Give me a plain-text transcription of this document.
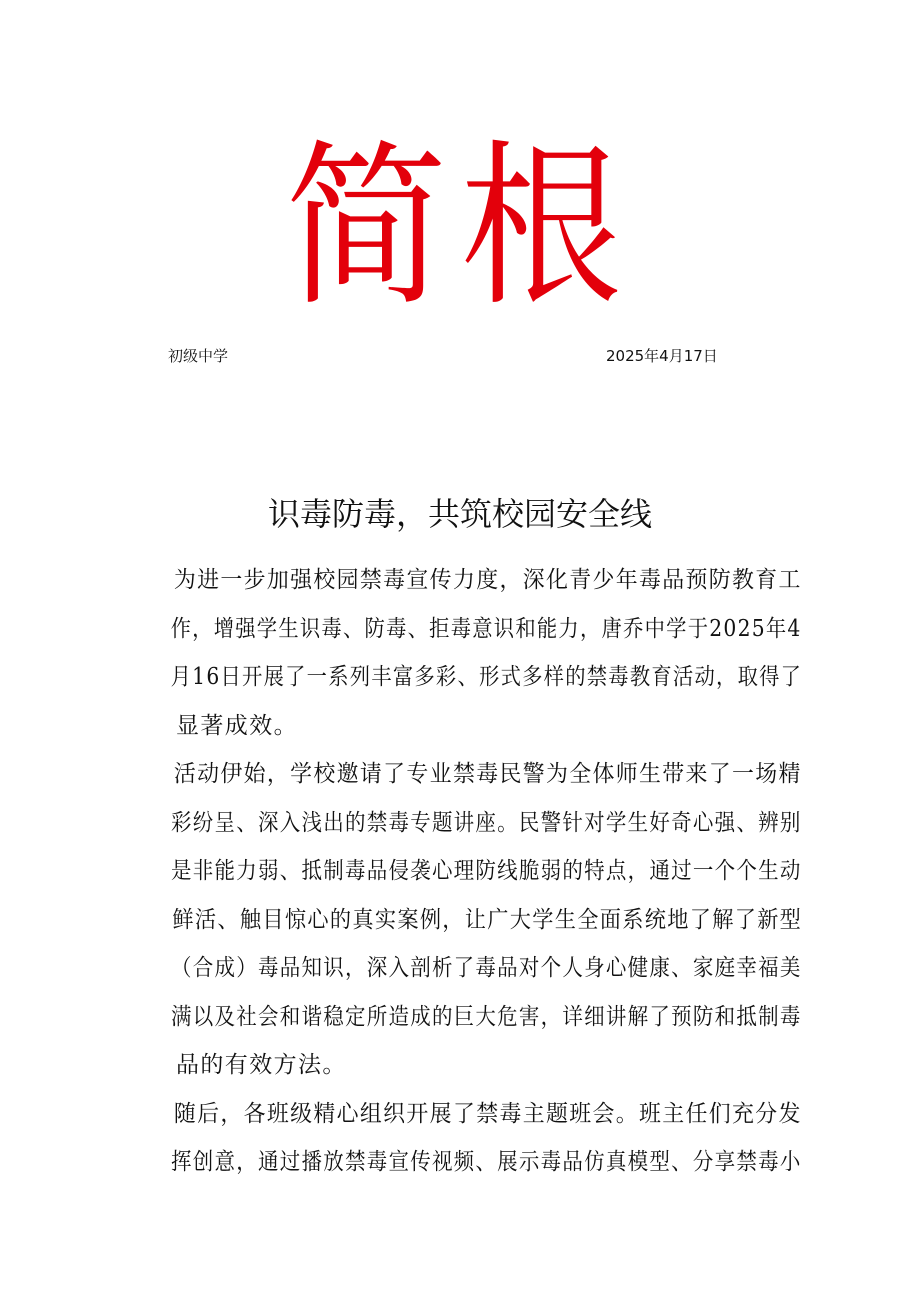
简根
初级中学	2025年4月17日
识毒防毒，共筑校园安全线
为进一步加强校园禁毒宣传力度，深化青少年毒品预防教育工
作，增强学生识毒、防毒、拒毒意识和能力，唐乔中学于2025年4
月16日开展了一系列丰富多彩、形式多样的禁毒教育活动，取得了
显著成效。
活动伊始，学校邀请了专业禁毒民警为全体师生带来了一场精
彩纷呈、深入浅出的禁毒专题讲座。民警针对学生好奇心强、辨别
是非能力弱、抵制毒品侵袭心理防线脆弱的特点，通过一个个生动
鲜活、触目惊心的真实案例，让广大学生全面系统地了解了新型
（合成）毒品知识，深入剖析了毒品对个人身心健康、家庭幸福美
满以及社会和谐稳定所造成的巨大危害，详细讲解了预防和抵制毒
品的有效方法。
随后，各班级精心组织开展了禁毒主题班会。班主任们充分发
挥创意，通过播放禁毒宣传视频、展示毒品仿真模型、分享禁毒小
